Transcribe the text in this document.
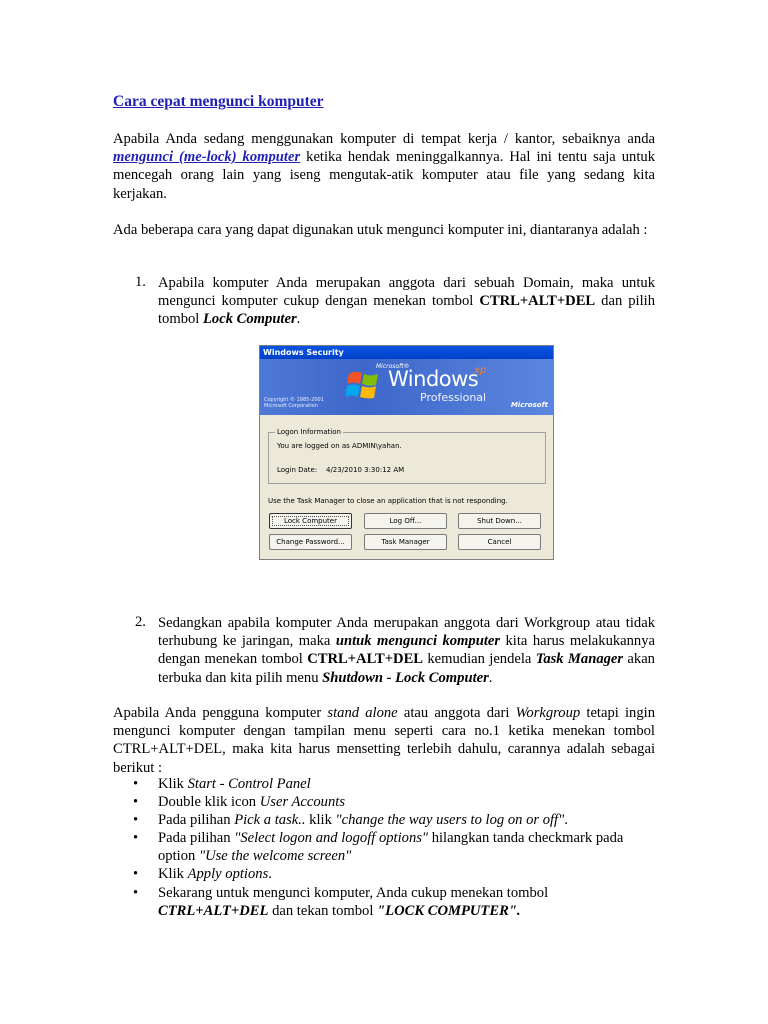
Cara cepat mengunci komputer

Apabila Anda sedang menggunakan komputer di tempat kerja / kantor, sebaiknya anda mengunci (me-lock) komputer ketika hendak meninggalkannya. Hal ini tentu saja untuk mencegah orang lain yang iseng mengutak-atik komputer atau file yang sedang kita kerjakan.

Ada beberapa cara yang dapat digunakan utuk mengunci komputer ini, diantaranya adalah :

1. Apabila komputer Anda merupakan anggota dari sebuah Domain, maka untuk mengunci komputer cukup dengan menekan tombol CTRL+ALT+DEL dan pilih tombol Lock Computer.

2. Sedangkan apabila komputer Anda merupakan anggota dari Workgroup atau tidak terhubung ke jaringan, maka untuk mengunci komputer kita harus melakukannya dengan menekan tombol CTRL+ALT+DEL kemudian jendela Task Manager akan terbuka dan kita pilih menu Shutdown - Lock Computer.

Apabila Anda pengguna komputer stand alone atau anggota dari Workgroup tetapi ingin mengunci komputer dengan tampilan menu seperti cara no.1 ketika menekan tombol CTRL+ALT+DEL, maka kita harus mensetting terlebih dahulu, carannya adalah sebagai berikut :

• Klik Start - Control Panel
• Double klik icon User Accounts
• Pada pilihan Pick a task.. klik "change the way users to log on or off".
• Pada pilihan "Select logon and logoff options" hilangkan tanda checkmark pada option "Use the welcome screen"
• Klik Apply options.
• Sekarang untuk mengunci komputer, Anda cukup menekan tombol CTRL+ALT+DEL dan tekan tombol "LOCK COMPUTER".
Windows Security
Microsoft®
Windows
xp
Professional
Copyright © 1985-2001
Microsoft Corporation	Microsoft
Logon Information
You are logged on as ADMIN\yahan.
Login Date: 4/23/2010 3:30:12 AM
Use the Task Manager to close an application that is not responding.
Lock Computer	Log Off...	Shut Down...
Change Password...	Task Manager	Cancel
